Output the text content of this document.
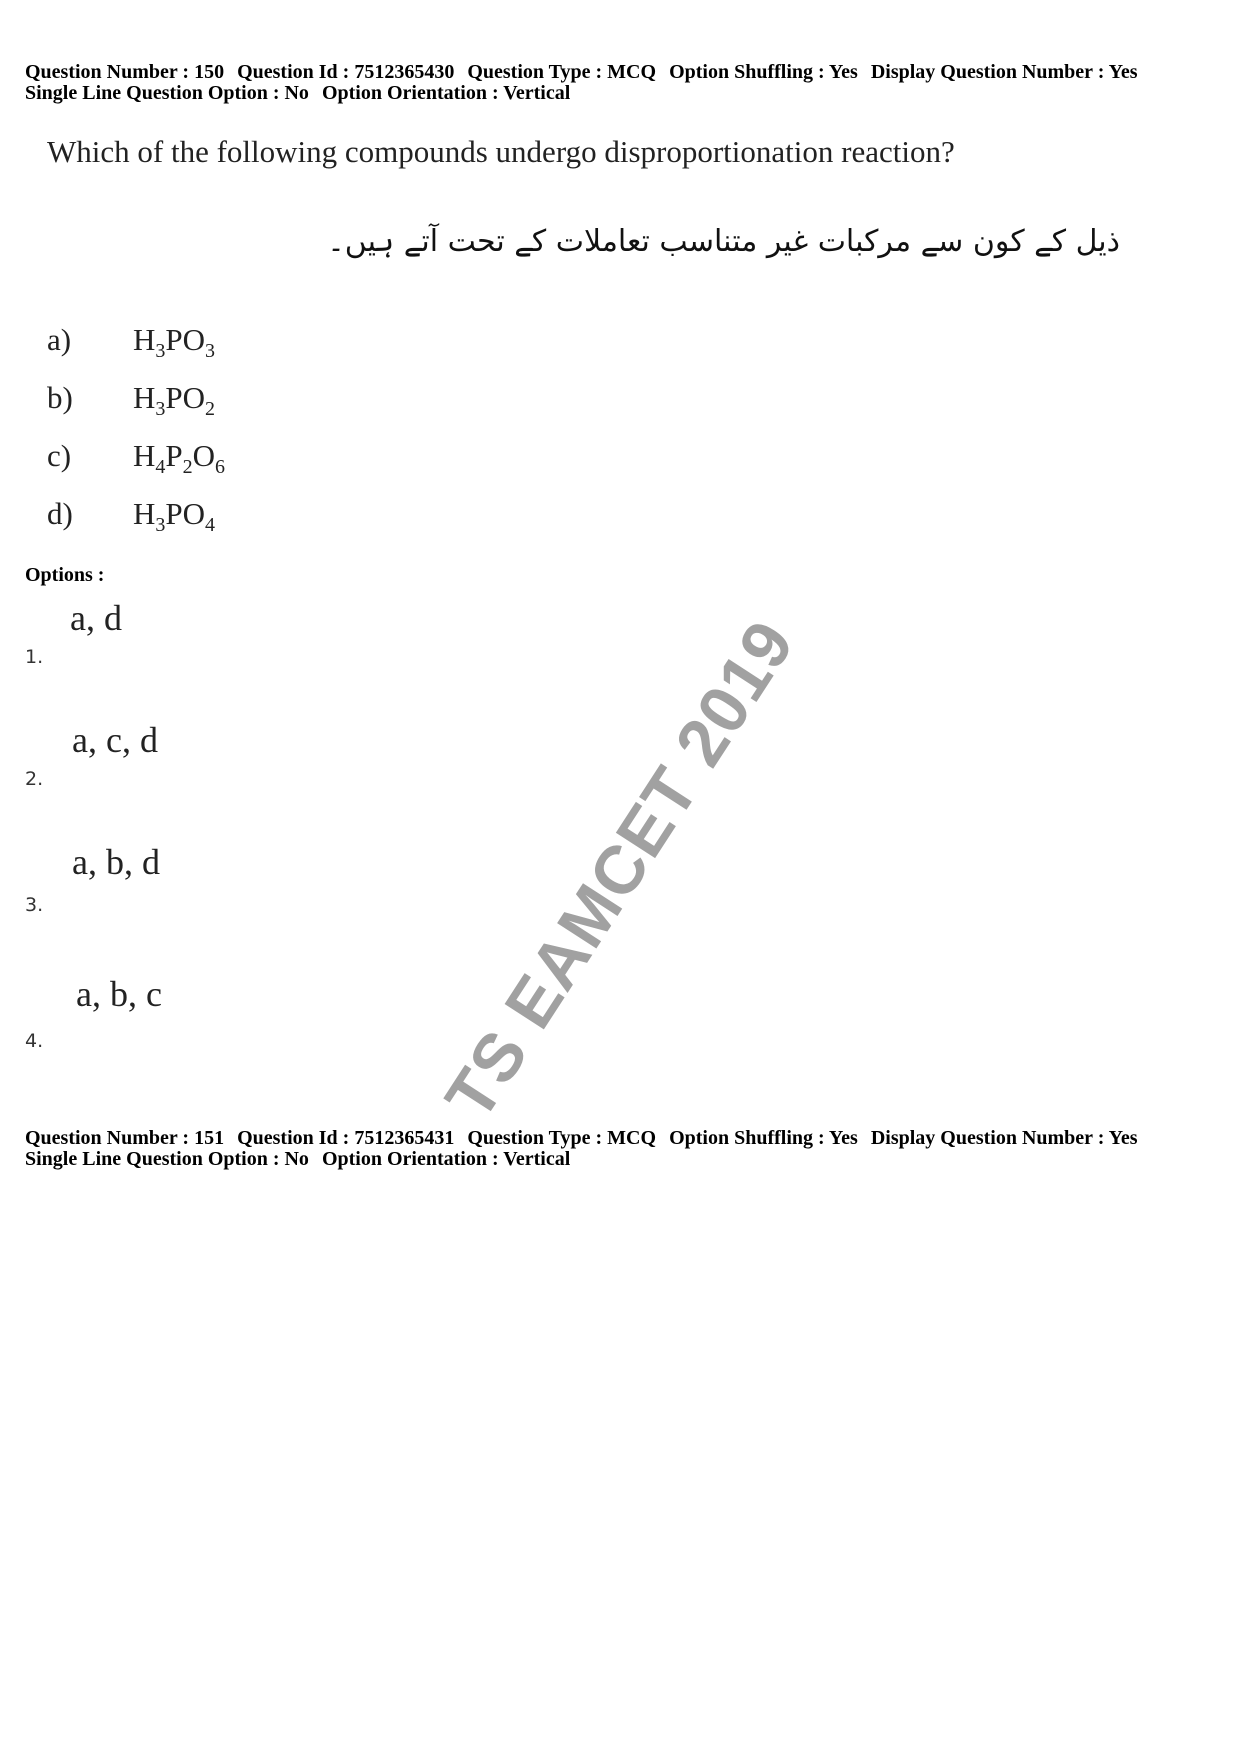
Question Number : 150 Question Id : 7512365430 Question Type : MCQ Option Shuffling : Yes Display Question Number : Yes
Single Line Question Option : No Option Orientation : Vertical
Which of the following compounds undergo disproportionation reaction?
ذیل کے کون سے مرکبات غیر متناسب تعاملات کے تحت آتے ہیں۔
a) $H_3PO_3$
b) $H_3PO_2$
c) $H_4P_2O_6$
d) $H_3PO_4$
Options :
a, d
1.
a, c, d
2.
a, b, d
3.
a, b, c
4.	TS EAMCET 2019
Question Number : 151 Question Id : 7512365431 Question Type : MCQ Option Shuffling : Yes Display Question Number : Yes
Single Line Question Option : No Option Orientation : Vertical
